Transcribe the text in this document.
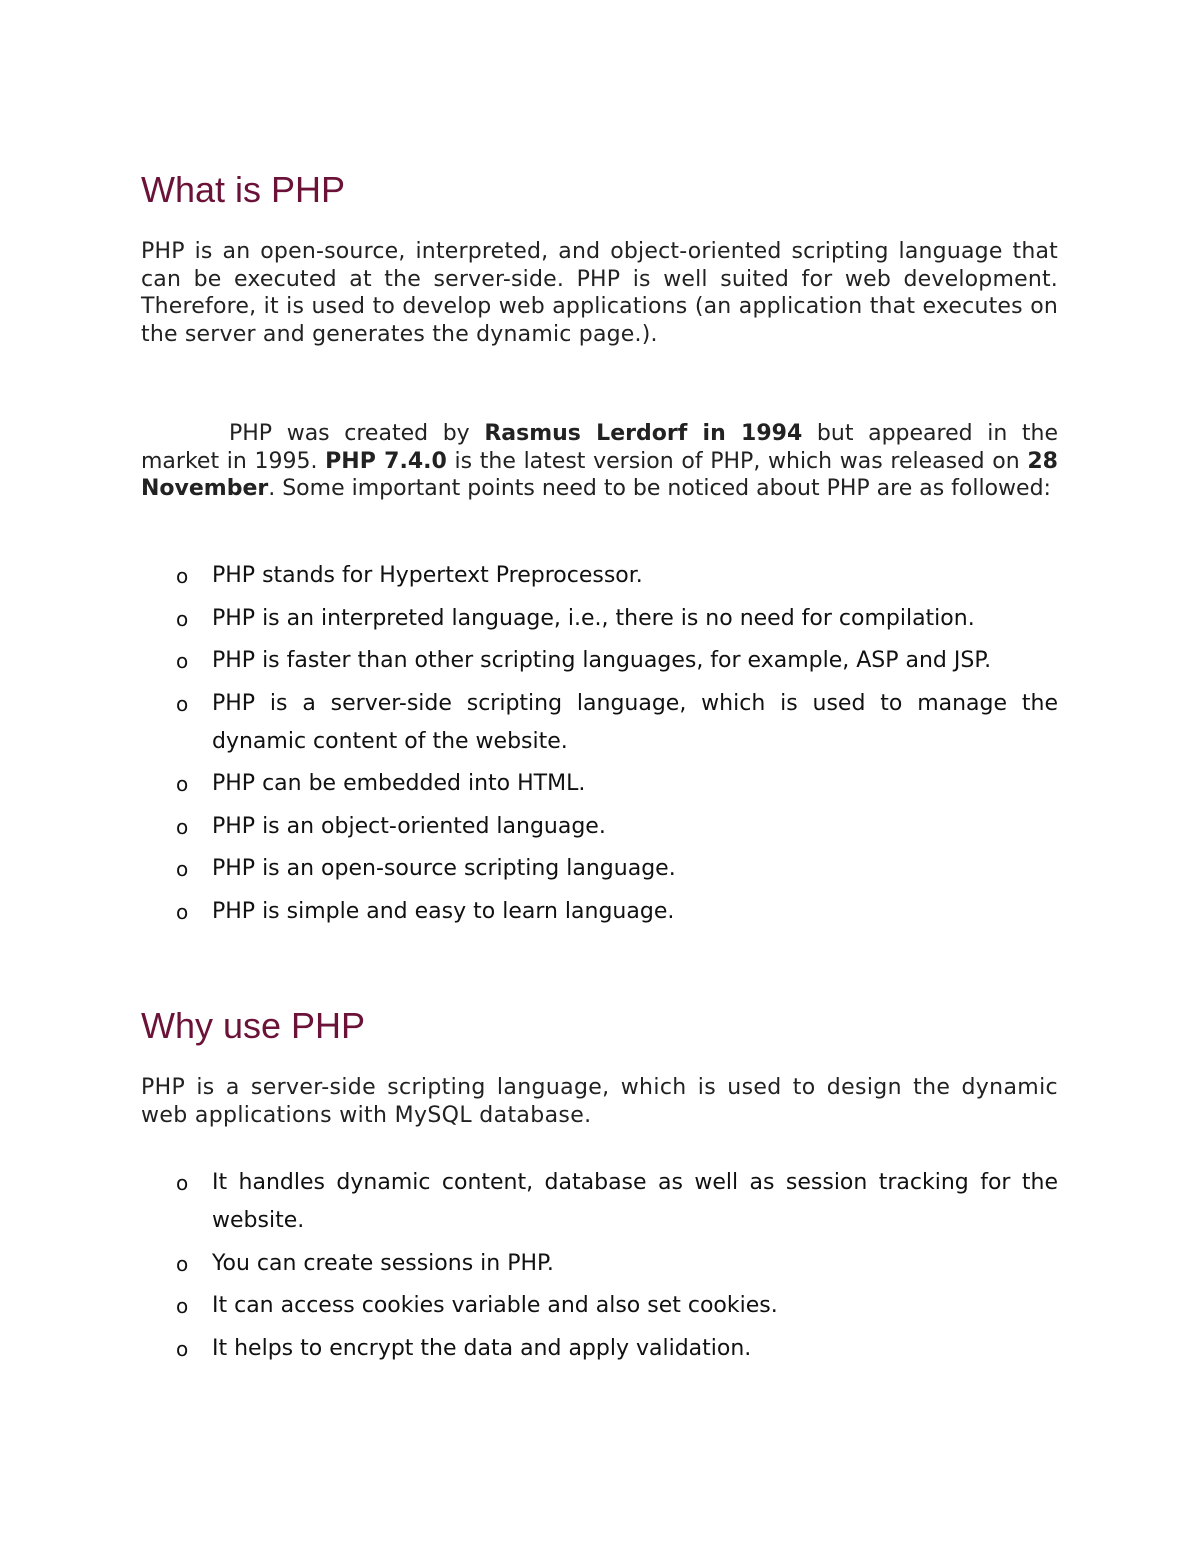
What is PHP

PHP is an open-source, interpreted, and object-oriented scripting language that can be executed at the server-side. PHP is well suited for web development. Therefore, it is used to develop web applications (an application that executes on the server and generates the dynamic page.).

PHP was created by Rasmus Lerdorf in 1994 but appeared in the market in 1995. PHP 7.4.0 is the latest version of PHP, which was released on 28 November. Some important points need to be noticed about PHP are as followed:

o	PHP stands for Hypertext Preprocessor.
o	PHP is an interpreted language, i.e., there is no need for compilation.
o	PHP is faster than other scripting languages, for example, ASP and JSP.
o	PHP is a server-side scripting language, which is used to manage the dynamic content of the website.
o	PHP can be embedded into HTML.
o	PHP is an object-oriented language.
o	PHP is an open-source scripting language.
o	PHP is simple and easy to learn language.
Why use PHP

PHP is a server-side scripting language, which is used to design the dynamic web applications with MySQL database.

o	It handles dynamic content, database as well as session tracking for the website.
o	You can create sessions in PHP.
o	It can access cookies variable and also set cookies.
o	It helps to encrypt the data and apply validation.
